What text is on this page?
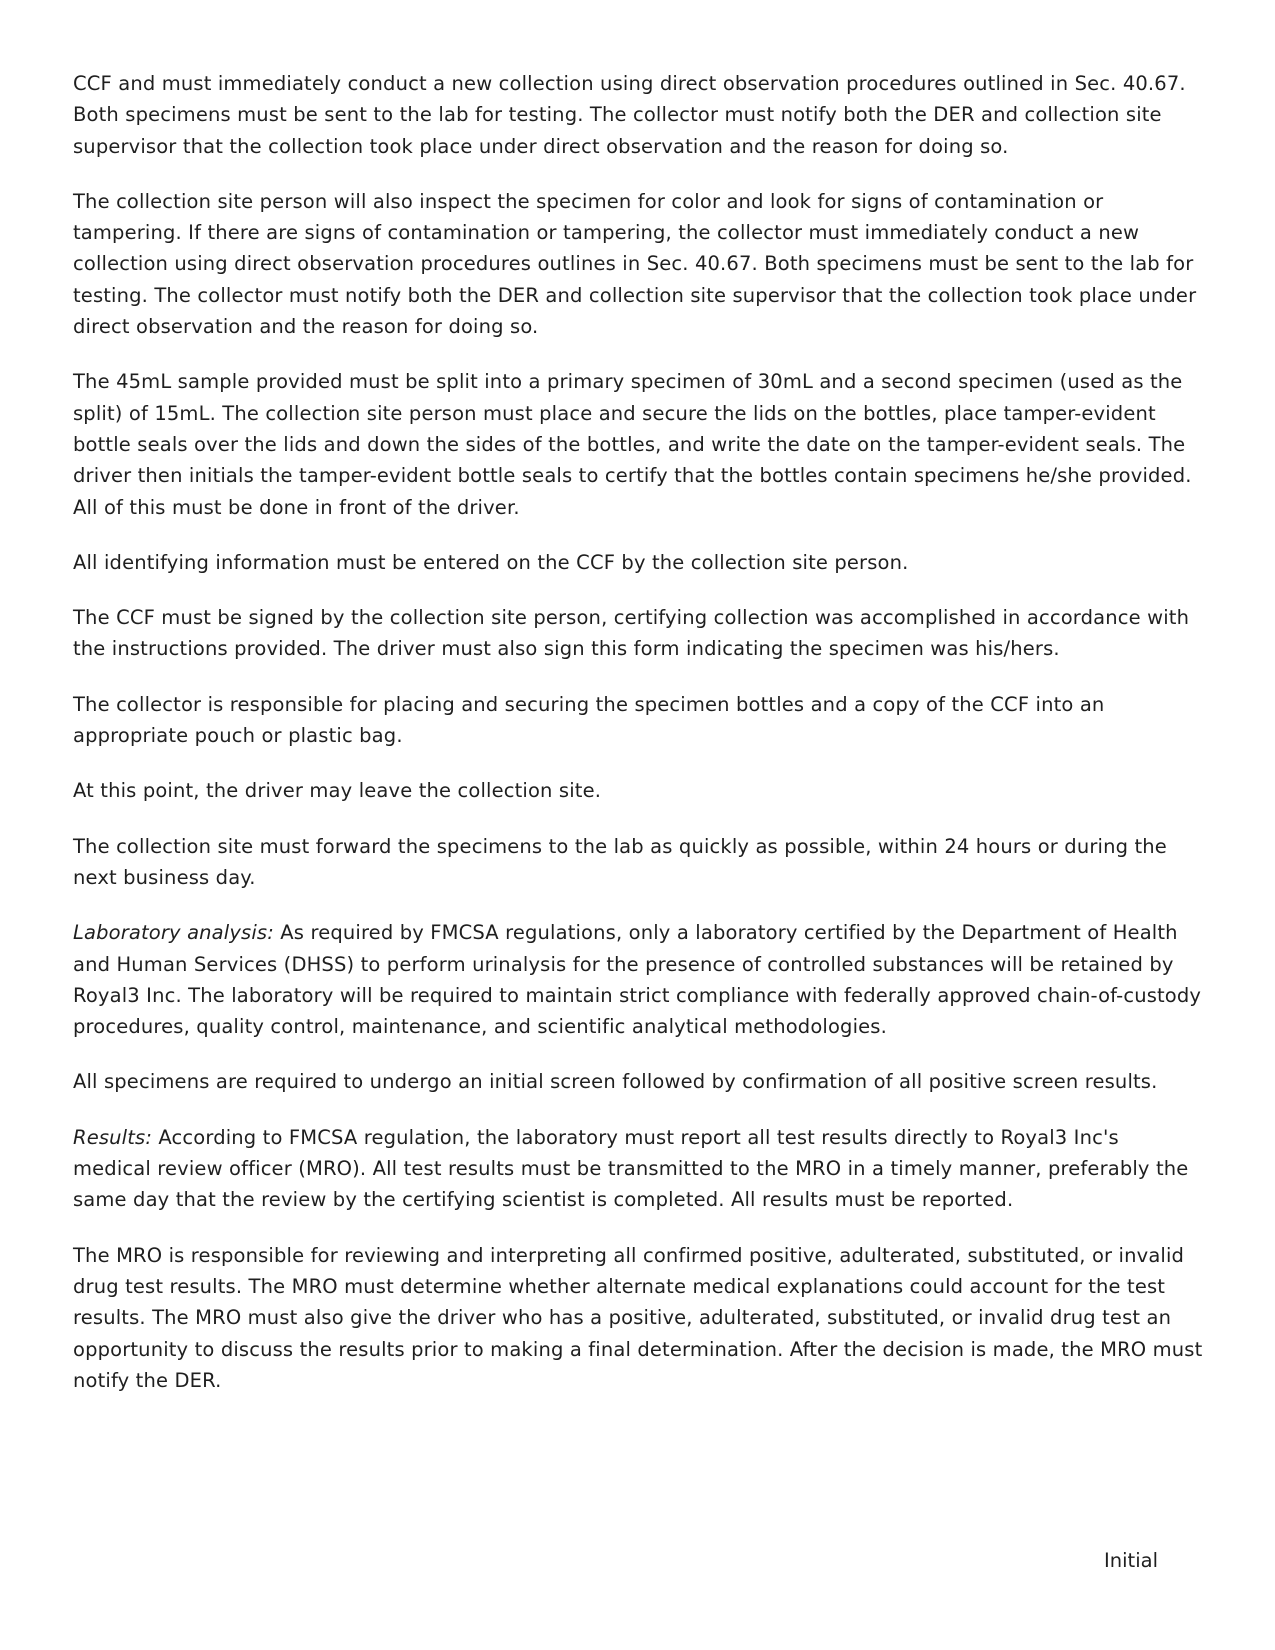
CCF and must immediately conduct a new collection using direct observation procedures outlined in Sec. 40.67. Both specimens must be sent to the lab for testing. The collector must notify both the DER and collection site supervisor that the collection took place under direct observation and the reason for doing so.

The collection site person will also inspect the specimen for color and look for signs of contamination or tampering. If there are signs of contamination or tampering, the collector must immediately conduct a new collection using direct observation procedures outlines in Sec. 40.67. Both specimens must be sent to the lab for testing. The collector must notify both the DER and collection site supervisor that the collection took place under direct observation and the reason for doing so.

The 45mL sample provided must be split into a primary specimen of 30mL and a second specimen (used as the split) of 15mL. The collection site person must place and secure the lids on the bottles, place tamper-evident bottle seals over the lids and down the sides of the bottles, and write the date on the tamper-evident seals. The driver then initials the tamper-evident bottle seals to certify that the bottles contain specimens he/she provided. All of this must be done in front of the driver.

All identifying information must be entered on the CCF by the collection site person.

The CCF must be signed by the collection site person, certifying collection was accomplished in accordance with the instructions provided. The driver must also sign this form indicating the specimen was his/hers.

The collector is responsible for placing and securing the specimen bottles and a copy of the CCF into an appropriate pouch or plastic bag.

At this point, the driver may leave the collection site.

The collection site must forward the specimens to the lab as quickly as possible, within 24 hours or during the next business day.

Laboratory analysis: As required by FMCSA regulations, only a laboratory certified by the Department of Health and Human Services (DHSS) to perform urinalysis for the presence of controlled substances will be retained by Royal3 Inc. The laboratory will be required to maintain strict compliance with federally approved chain-of-custody procedures, quality control, maintenance, and scientific analytical methodologies.

All specimens are required to undergo an initial screen followed by confirmation of all positive screen results.

Results: According to FMCSA regulation, the laboratory must report all test results directly to Royal3 Inc's medical review officer (MRO). All test results must be transmitted to the MRO in a timely manner, preferably the same day that the review by the certifying scientist is completed. All results must be reported.

The MRO is responsible for reviewing and interpreting all confirmed positive, adulterated, substituted, or invalid drug test results. The MRO must determine whether alternate medical explanations could account for the test results. The MRO must also give the driver who has a positive, adulterated, substituted, or invalid drug test an opportunity to discuss the results prior to making a final determination. After the decision is made, the MRO must notify the DER.

Initial
